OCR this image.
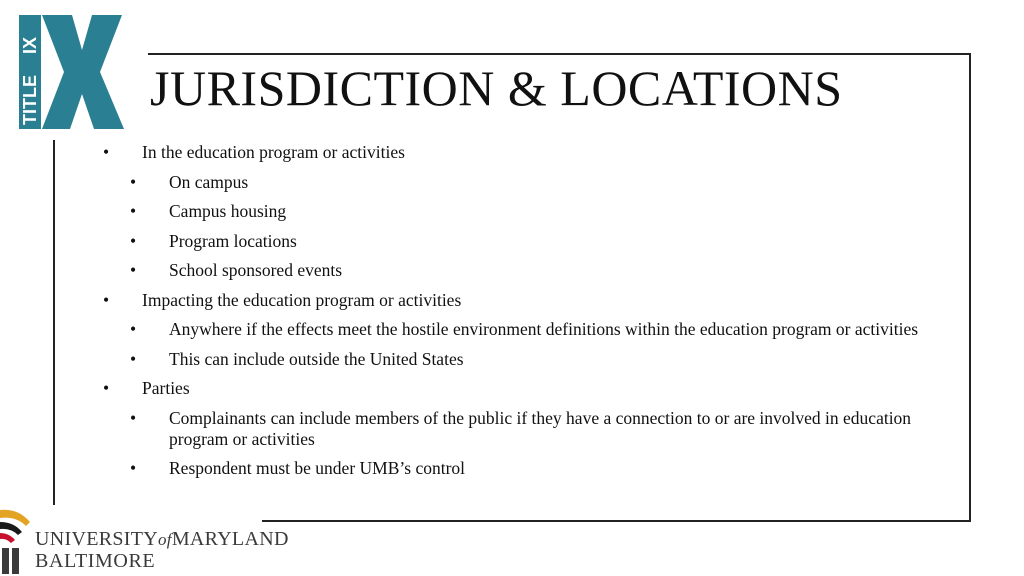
TITLE
IX
JURISDICTION & LOCATIONS
• In the education program or activities
• On campus
• Campus housing
• Program locations
• School sponsored events
• Impacting the education program or activities
• Anywhere if the effects meet the hostile environment definitions within the education program or activities
• This can include outside the United States
• Parties
• Complainants can include members of the public if they have a connection to or are involved in education program or activities
• Respondent must be under UMB’s control
UNIVERSITYofMARYLAND
BALTIMORE
